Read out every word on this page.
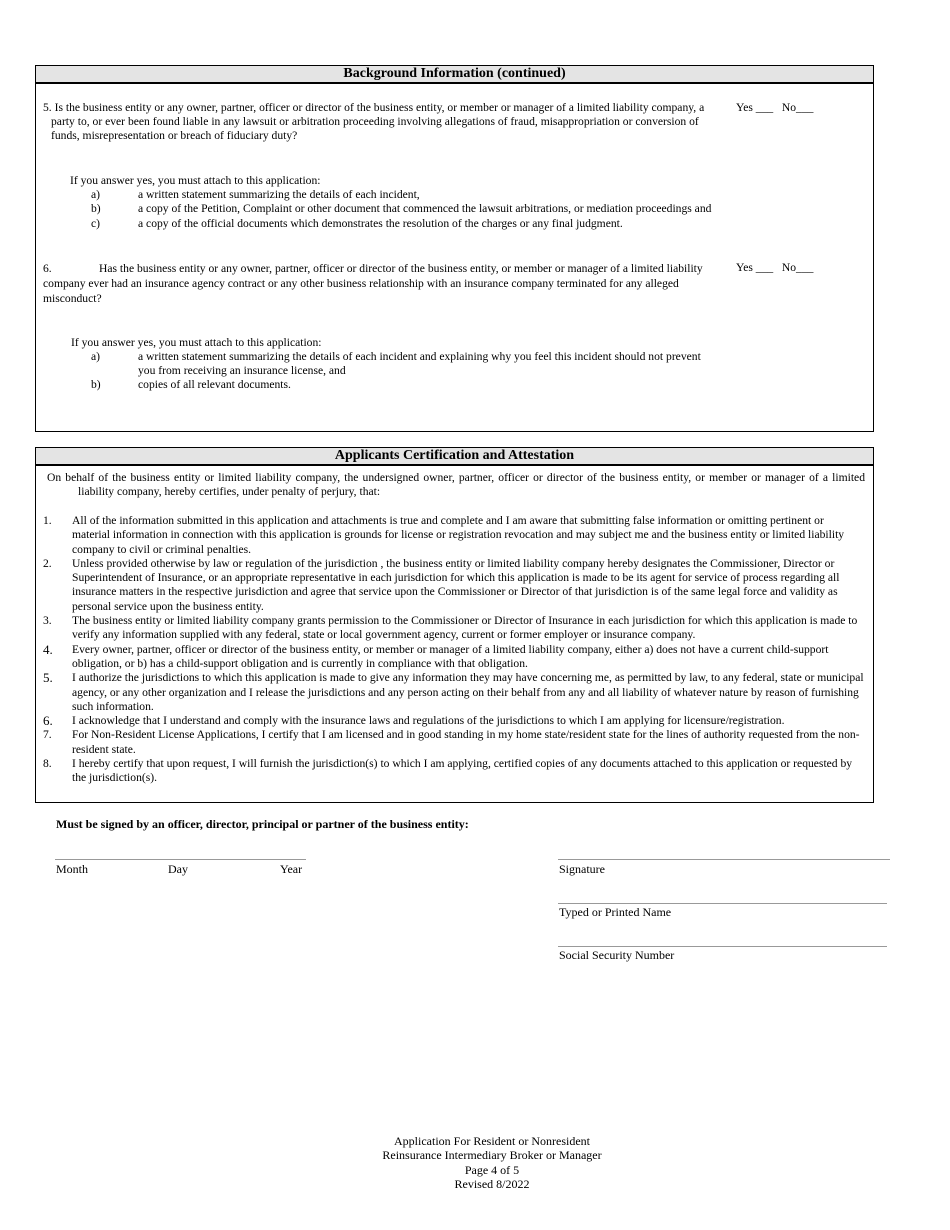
Background Information (continued)
5. Is the business entity or any owner, partner, officer or director of the business entity, or member or manager of a limited liability company, a party to, or ever been found liable in any lawsuit or arbitration proceeding involving allegations of fraud, misappropriation or conversion of funds, misrepresentation or breach of fiduciary duty?
Yes ___   No___
If you answer yes, you must attach to this application:
a)	a written statement summarizing the details of each incident,
b)	a copy of the Petition, Complaint or other document that commenced the lawsuit arbitrations, or mediation proceedings and
c)	a copy of the official documents which demonstrates the resolution of the charges or any final judgment.
6.	Has the business entity or any owner, partner, officer or director of the business entity, or member or manager of a limited liability company ever had an insurance agency contract or any other business relationship with an insurance company terminated for any alleged misconduct?
Yes ___   No___
If you answer yes, you must attach to this application:
a)	a written statement summarizing the details of each incident and explaining why you feel this incident should not prevent you from receiving an insurance license, and
b)	copies of all relevant documents.
Applicants Certification and Attestation
On behalf of the business entity or limited liability company, the undersigned owner, partner, officer or director of the business entity, or member or manager of a limited liability company, hereby certifies, under penalty of perjury, that:
1. All of the information submitted in this application and attachments is true and complete and I am aware that submitting false information or omitting pertinent or material information in connection with this application is grounds for license or registration revocation and may subject me and the business entity or limited liability company to civil or criminal penalties.
2. Unless provided otherwise by law or regulation of the jurisdiction , the business entity or limited liability company hereby designates the Commissioner, Director or Superintendent of Insurance, or an appropriate representative in each jurisdiction for which this application is made to be its agent for service of process regarding all insurance matters in the respective jurisdiction and agree that service upon the Commissioner or Director of that jurisdiction is of the same legal force and validity as personal service upon the business entity.
3. The business entity or limited liability company grants permission to the Commissioner or Director of Insurance in each jurisdiction for which this application is made to verify any information supplied with any federal, state or local government agency, current or former employer or insurance company.
4. Every owner, partner, officer or director of the business entity, or member or manager of a limited liability company, either a) does not have a current child-support obligation, or b) has a child-support obligation and is currently in compliance with that obligation.
5. I authorize the jurisdictions to which this application is made to give any information they may have concerning me, as permitted by law, to any federal, state or municipal agency, or any other organization and I release the jurisdictions and any person acting on their behalf from any and all liability of whatever nature by reason of furnishing such information.
6. I acknowledge that I understand and comply with the insurance laws and regulations of the jurisdictions to which I am applying for licensure/registration.
7. For Non-Resident License Applications, I certify that I am licensed and in good standing in my home state/resident state for the lines of authority requested from the non-resident state.
8. I hereby certify that upon request, I will furnish the jurisdiction(s) to which I am applying, certified copies of any documents attached to this application or requested by the jurisdiction(s).
Must be signed by an officer, director, principal or partner of the business entity:
Month	Day	Year	Signature
Typed or Printed Name
Social Security Number
Application For Resident or Nonresident
Reinsurance Intermediary Broker or Manager
Page 4 of 5
Revised 8/2022
